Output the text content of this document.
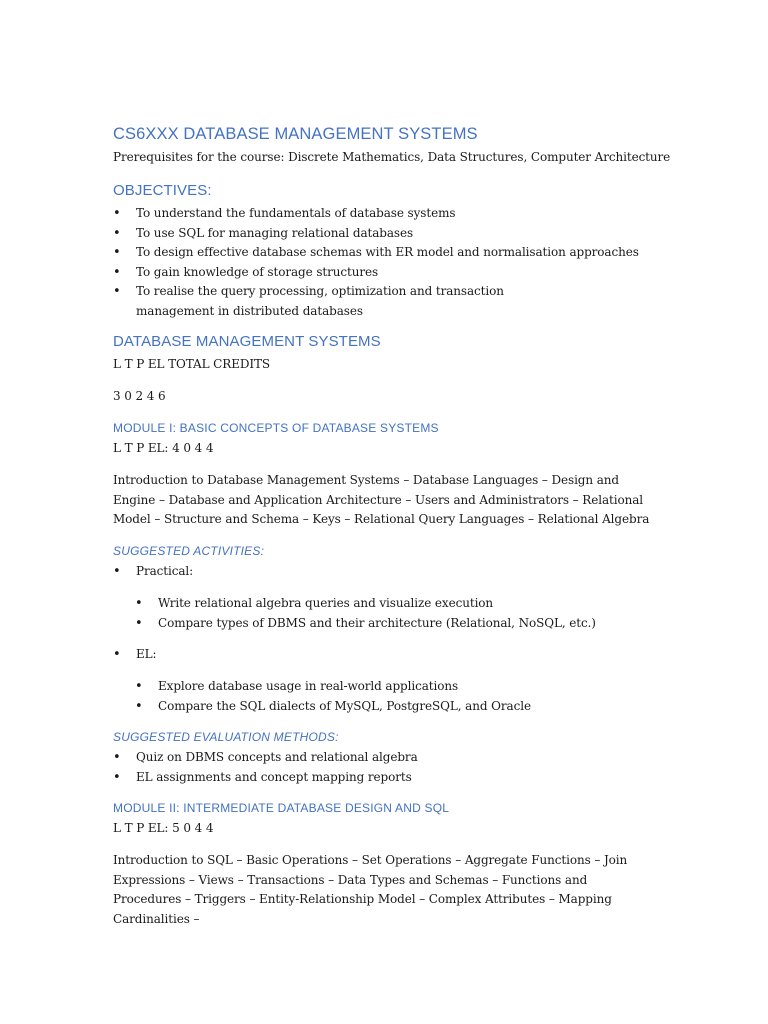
CS6XXX DATABASE MANAGEMENT SYSTEMS
Prerequisites for the course: Discrete Mathematics, Data Structures, Computer Architecture
OBJECTIVES:
• To understand the fundamentals of database systems
• To use SQL for managing relational databases
• To design effective database schemas with ER model and normalisation approaches
• To gain knowledge of storage structures
• To realise the query processing, optimization and transaction management in distributed databases
DATABASE MANAGEMENT SYSTEMS
L T P EL TOTAL CREDITS
3 0 2 4 6
MODULE I: BASIC CONCEPTS OF DATABASE SYSTEMS
L T P EL: 4 0 4 4
Introduction to Database Management Systems – Database Languages – Design and Engine – Database and Application Architecture – Users and Administrators – Relational Model – Structure and Schema – Keys – Relational Query Languages – Relational Algebra
SUGGESTED ACTIVITIES:
• Practical:
• Write relational algebra queries and visualize execution
• Compare types of DBMS and their architecture (Relational, NoSQL, etc.)
• EL:
• Explore database usage in real-world applications
• Compare the SQL dialects of MySQL, PostgreSQL, and Oracle
SUGGESTED EVALUATION METHODS:
• Quiz on DBMS concepts and relational algebra
• EL assignments and concept mapping reports
MODULE II: INTERMEDIATE DATABASE DESIGN AND SQL
L T P EL: 5 0 4 4
Introduction to SQL – Basic Operations – Set Operations – Aggregate Functions – Join Expressions – Views – Transactions – Data Types and Schemas – Functions and Procedures – Triggers – Entity-Relationship Model – Complex Attributes – Mapping Cardinalities –
